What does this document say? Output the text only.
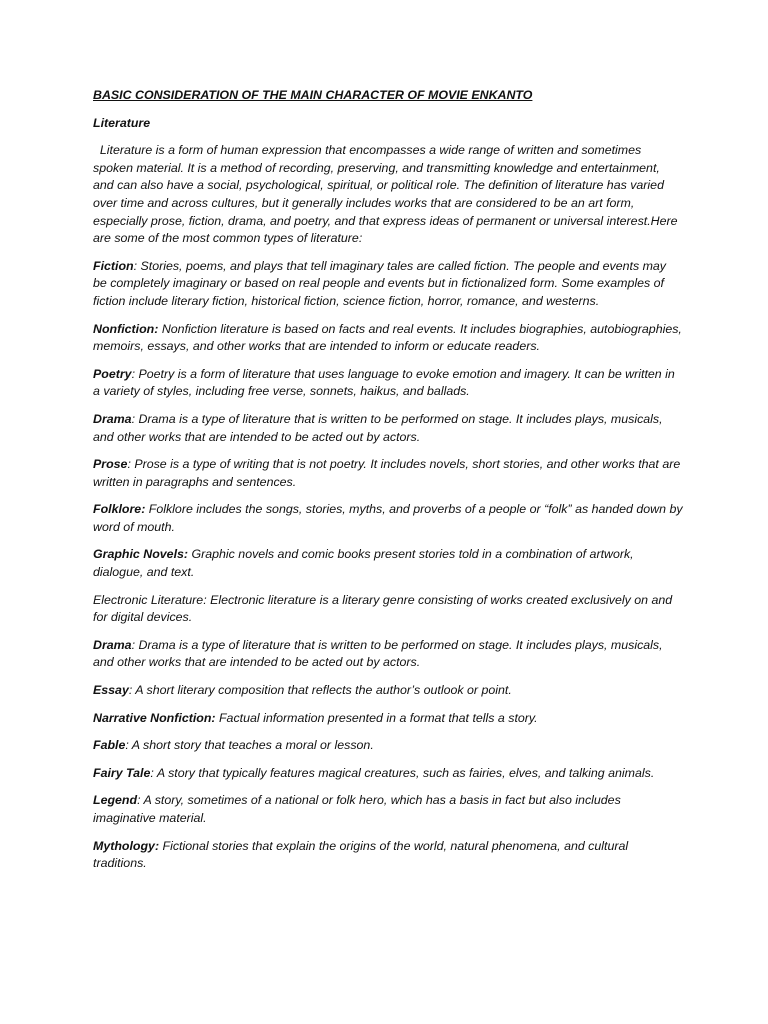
BASIC CONSIDERATION OF THE MAIN CHARACTER OF MOVIE ENKANTO

Literature

Literature is a form of human expression that encompasses a wide range of written and sometimes spoken material. It is a method of recording, preserving, and transmitting knowledge and entertainment, and can also have a social, psychological, spiritual, or political role. The definition of literature has varied over time and across cultures, but it generally includes works that are considered to be an art form, especially prose, fiction, drama, and poetry, and that express ideas of permanent or universal interest.Here are some of the most common types of literature:

Fiction: Stories, poems, and plays that tell imaginary tales are called fiction. The people and events may be completely imaginary or based on real people and events but in fictionalized form. Some examples of fiction include literary fiction, historical fiction, science fiction, horror, romance, and westerns.

Nonfiction: Nonfiction literature is based on facts and real events. It includes biographies, autobiographies, memoirs, essays, and other works that are intended to inform or educate readers.

Poetry: Poetry is a form of literature that uses language to evoke emotion and imagery. It can be written in a variety of styles, including free verse, sonnets, haikus, and ballads.

Drama: Drama is a type of literature that is written to be performed on stage. It includes plays, musicals, and other works that are intended to be acted out by actors.

Prose: Prose is a type of writing that is not poetry. It includes novels, short stories, and other works that are written in paragraphs and sentences.

Folklore: Folklore includes the songs, stories, myths, and proverbs of a people or “folk” as handed down by word of mouth.

Graphic Novels: Graphic novels and comic books present stories told in a combination of artwork, dialogue, and text.

Electronic Literature: Electronic literature is a literary genre consisting of works created exclusively on and for digital devices.

Drama: Drama is a type of literature that is written to be performed on stage. It includes plays, musicals, and other works that are intended to be acted out by actors.

Essay: A short literary composition that reflects the author’s outlook or point.

Narrative Nonfiction: Factual information presented in a format that tells a story.

Fable: A short story that teaches a moral or lesson.

Fairy Tale: A story that typically features magical creatures, such as fairies, elves, and talking animals.

Legend: A story, sometimes of a national or folk hero, which has a basis in fact but also includes imaginative material.

Mythology: Fictional stories that explain the origins of the world, natural phenomena, and cultural traditions.
